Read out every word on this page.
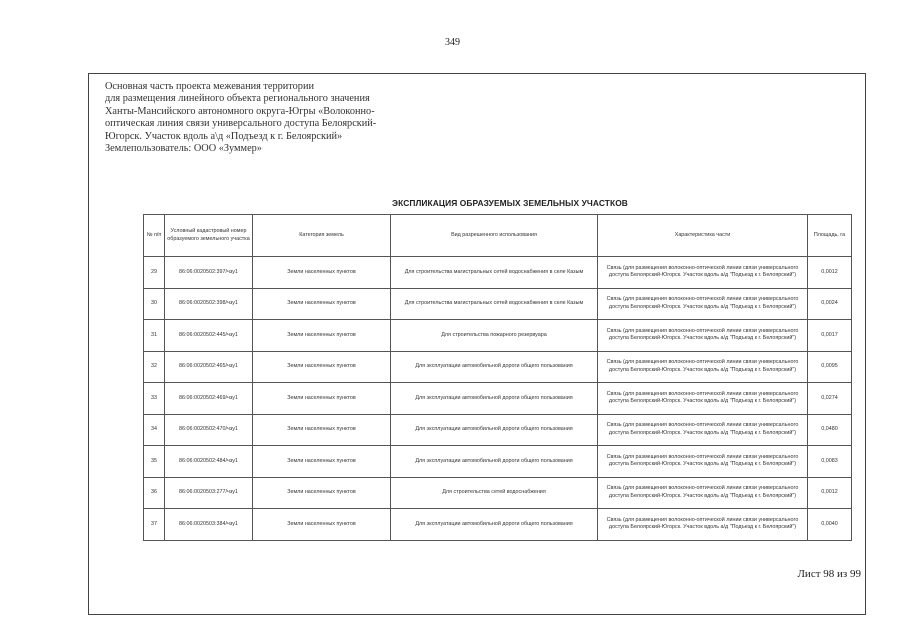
349
Основная часть проекта межевания территории
для размещения линейного объекта регионального значения
Ханты-Мансийского автономного округа-Югры «Волоконно-
оптическая линия связи универсального доступа Белоярский-
Югорск. Участок вдоль а\д «Подъезд к г. Белоярский»
Землепользователь: ООО «Зуммер»
ЭКСПЛИКАЦИЯ ОБРАЗУЕМЫХ ЗЕМЕЛЬНЫХ УЧАСТКОВ
№ п/п	Условный кадастровый номер образуемого земельного участка	Категория земель	Вид разрешенного использования	Характеристика части	Площадь, га
29	86:06:0020502:397/чзу1	Земли населенных пунктов	Для строительства магистральных сетей водоснабжения в селе Казым	Связь (для размещения волоконно-оптической линии связи универсального доступа Белоярский-Югорск. Участок вдоль а/д "Подъезд к г. Белоярский")	0,0012
30	86:06:0020502:398/чзу1	Земли населенных пунктов	Для строительства магистральных сетей водоснабжения в селе Казым	Связь (для размещения волоконно-оптической линии связи универсального доступа Белоярский-Югорск. Участок вдоль а/д "Подъезд к г. Белоярский")	0,0024
31	86:06:0020502:445/чзу1	Земли населенных пунктов	Для строительства пожарного резервуара	Связь (для размещения волоконно-оптической линии связи универсального доступа Белоярский-Югорск. Участок вдоль а/д "Подъезд к г. Белоярский")	0,0017
32	86:06:0020502:465/чзу1	Земли населенных пунктов	Для эксплуатации автомобильной дороги общего пользования	Связь (для размещения волоконно-оптической линии связи универсального доступа Белоярский-Югорск. Участок вдоль а/д "Подъезд к г. Белоярский")	0,0095
33	86:06:0020502:469/чзу1	Земли населенных пунктов	Для эксплуатации автомобильной дороги общего пользования	Связь (для размещения волоконно-оптической линии связи универсального доступа Белоярский-Югорск. Участок вдоль а/д "Подъезд к г. Белоярский")	0,0274
34	86:06:0020502:470/чзу1	Земли населенных пунктов	Для эксплуатации автомобильной дороги общего пользования	Связь (для размещения волоконно-оптической линии связи универсального доступа Белоярский-Югорск. Участок вдоль а/д "Подъезд к г. Белоярский")	0,0480
35	86:06:0020502:484/чзу1	Земли населенных пунктов	Для эксплуатации автомобильной дороги общего пользования	Связь (для размещения волоконно-оптической линии связи универсального доступа Белоярский-Югорск. Участок вдоль а/д "Подъезд к г. Белоярский")	0,0083
36	86:06:0020503:277/чзу1	Земли населенных пунктов	Для строительства сетей водоснабжения	Связь (для размещения волоконно-оптической линии связи универсального доступа Белоярский-Югорск. Участок вдоль а/д "Подъезд к г. Белоярский")	0,0012
37	86:06:0020503:384/чзу1	Земли населенных пунктов	Для эксплуатации автомобильной дороги общего пользования	Связь (для размещения волоконно-оптической линии связи универсального доступа Белоярский-Югорск. Участок вдоль а/д "Подъезд к г. Белоярский")	0,0040
Лист 98 из 99
